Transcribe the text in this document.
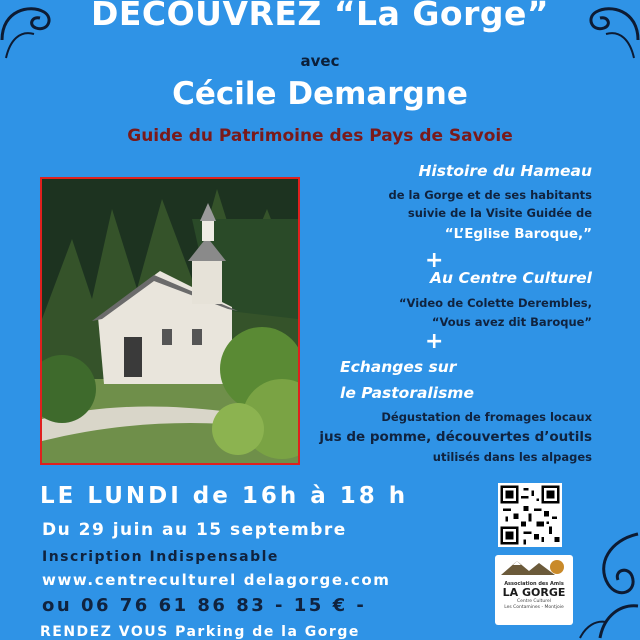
DECOUVREZ “La Gorge”
avec
Cécile Demargne
Guide du Patrimoine des Pays de Savoie
Histoire du Hameau
de la Gorge et de ses habitants
suivie de la Visite Guidée de
“L’Eglise Baroque,”
+
Au Centre Culturel
“Video de Colette Derembles,
“Vous avez dit Baroque”
+
Echanges sur
le Pastoralisme
Dégustation de fromages locaux
jus de pomme, découvertes d’outils
utilisés dans les alpages
LE LUNDI de 16h à 18 h
Du 29 juin au 15 septembre
Inscription Indispensable
www.centreculturel delagorge.com
ou 06 76 61 86 83 - 15 € -
RENDEZ VOUS Parking de la Gorge
Association des Amis
LA GORGE
Centre Culturel
Les Contamines - Montjoie
